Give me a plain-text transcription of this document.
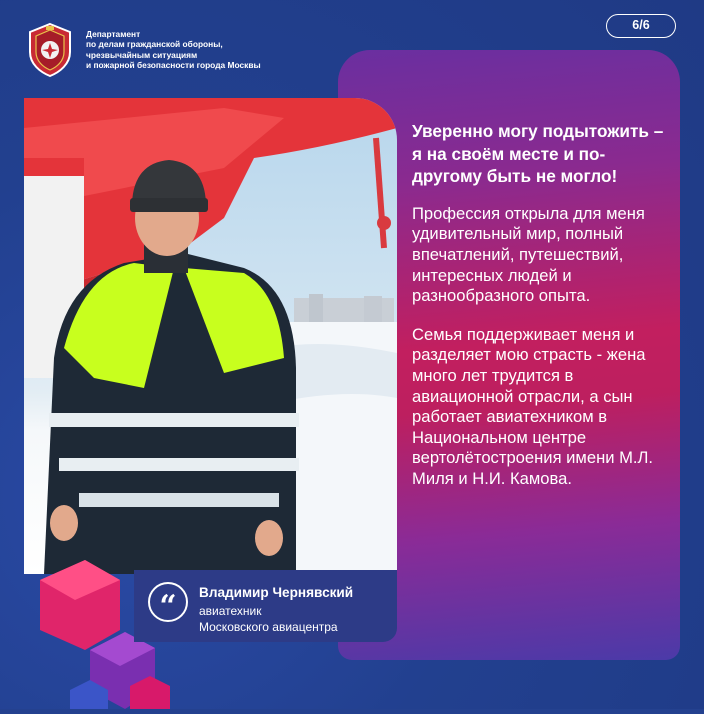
Департамент
по делам гражданской обороны,
чрезвычайным ситуациям
и пожарной безопасности города Москвы
6/6

Уверенно могу подытожить – я на своём месте и по-другому быть не могло!

Профессия открыла для меня удивительный мир, полный впечатлений, путешествий, интересных людей и разнообразного опыта.

Семья поддерживает меня и разделяет мою страсть - жена много лет трудится в авиационной отрасли, а сын работает авиатехником в Национальном центре вертолётостроения имени М.Л. Миля и Н.И. Камова.

“	Владимир Чернявский
авиатехник
Московского авиацентра
